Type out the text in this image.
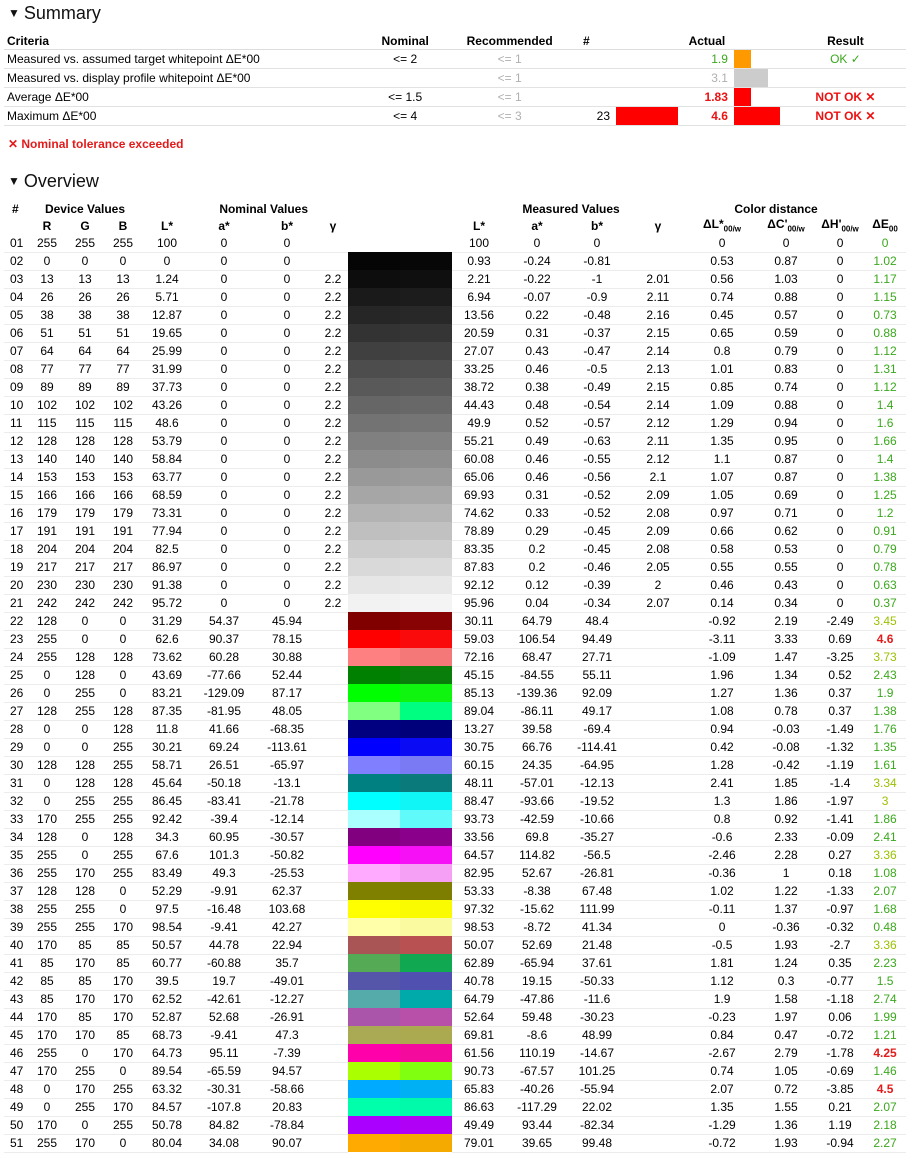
▼ Summary
Criteria	Nominal	Recommended	#		Actual		Result
Measured vs. assumed target whitepoint ΔE*00	<= 2	<= 1			1.9		OK ✓
Measured vs. display profile whitepoint ΔE*00		<= 1			3.1		
Average ΔE*00	<= 1.5	<= 1			1.83		NOT OK ✕
Maximum ΔE*00	<= 4	<= 3	23		4.6		NOT OK ✕
✕ Nominal tolerance exceeded
▼ Overview
#	Device Values			Nominal Values					Measured Values				Color distance				
	R	G	B	L*	a*	b*	γ		L*	a*	b*	γ	$\Delta L*_{00/w}$	$\Delta C'_{00/w}$	$\Delta H'_{00/w}$	$\Delta E_{00}$	
01	255	255	255	100	0	0			100	0	0		0	0	0	0	

02	0	0	0	0	0	0			0.93	-0.24	-0.81		0.53	0.87	0	1.02	

03	13	13	13	1.24	0	0	2.2		2.21	-0.22	-1	2.01	0.56	1.03	0	1.17	

04	26	26	26	5.71	0	0	2.2		6.94	-0.07	-0.9	2.11	0.74	0.88	0	1.15	

05	38	38	38	12.87	0	0	2.2		13.56	0.22	-0.48	2.16	0.45	0.57	0	0.73	

06	51	51	51	19.65	0	0	2.2		20.59	0.31	-0.37	2.15	0.65	0.59	0	0.88	

07	64	64	64	25.99	0	0	2.2		27.07	0.43	-0.47	2.14	0.8	0.79	0	1.12	

08	77	77	77	31.99	0	0	2.2		33.25	0.46	-0.5	2.13	1.01	0.83	0	1.31	

09	89	89	89	37.73	0	0	2.2		38.72	0.38	-0.49	2.15	0.85	0.74	0	1.12	

10	102	102	102	43.26	0	0	2.2		44.43	0.48	-0.54	2.14	1.09	0.88	0	1.4	

11	115	115	115	48.6	0	0	2.2		49.9	0.52	-0.57	2.12	1.29	0.94	0	1.6	

12	128	128	128	53.79	0	0	2.2		55.21	0.49	-0.63	2.11	1.35	0.95	0	1.66	

13	140	140	140	58.84	0	0	2.2		60.08	0.46	-0.55	2.12	1.1	0.87	0	1.4	

14	153	153	153	63.77	0	0	2.2		65.06	0.46	-0.56	2.1	1.07	0.87	0	1.38	

15	166	166	166	68.59	0	0	2.2		69.93	0.31	-0.52	2.09	1.05	0.69	0	1.25	

16	179	179	179	73.31	0	0	2.2		74.62	0.33	-0.52	2.08	0.97	0.71	0	1.2	

17	191	191	191	77.94	0	0	2.2		78.89	0.29	-0.45	2.09	0.66	0.62	0	0.91	

18	204	204	204	82.5	0	0	2.2		83.35	0.2	-0.45	2.08	0.58	0.53	0	0.79	

19	217	217	217	86.97	0	0	2.2		87.83	0.2	-0.46	2.05	0.55	0.55	0	0.78	

20	230	230	230	91.38	0	0	2.2		92.12	0.12	-0.39	2	0.46	0.43	0	0.63	

21	242	242	242	95.72	0	0	2.2		95.96	0.04	-0.34	2.07	0.14	0.34	0	0.37	

22	128	0	0	31.29	54.37	45.94			30.11	64.79	48.4		-0.92	2.19	-2.49	3.45	

23	255	0	0	62.6	90.37	78.15			59.03	106.54	94.49		-3.11	3.33	0.69	4.6	

24	255	128	128	73.62	60.28	30.88			72.16	68.47	27.71		-1.09	1.47	-3.25	3.73	

25	0	128	0	43.69	-77.66	52.44			45.15	-84.55	55.11		1.96	1.34	0.52	2.43	

26	0	255	0	83.21	-129.09	87.17			85.13	-139.36	92.09		1.27	1.36	0.37	1.9	

27	128	255	128	87.35	-81.95	48.05			89.04	-86.11	49.17		1.08	0.78	0.37	1.38	

28	0	0	128	11.8	41.66	-68.35			13.27	39.58	-69.4		0.94	-0.03	-1.49	1.76	

29	0	0	255	30.21	69.24	-113.61			30.75	66.76	-114.41		0.42	-0.08	-1.32	1.35	

30	128	128	255	58.71	26.51	-65.97			60.15	24.35	-64.95		1.28	-0.42	-1.19	1.61	

31	0	128	128	45.64	-50.18	-13.1			48.11	-57.01	-12.13		2.41	1.85	-1.4	3.34	

32	0	255	255	86.45	-83.41	-21.78			88.47	-93.66	-19.52		1.3	1.86	-1.97	3	

33	170	255	255	92.42	-39.4	-12.14			93.73	-42.59	-10.66		0.8	0.92	-1.41	1.86	

34	128	0	128	34.3	60.95	-30.57			33.56	69.8	-35.27		-0.6	2.33	-0.09	2.41	

35	255	0	255	67.6	101.3	-50.82			64.57	114.82	-56.5		-2.46	2.28	0.27	3.36	

36	255	170	255	83.49	49.3	-25.53			82.95	52.67	-26.81		-0.36	1	0.18	1.08	

37	128	128	0	52.29	-9.91	62.37			53.33	-8.38	67.48		1.02	1.22	-1.33	2.07	

38	255	255	0	97.5	-16.48	103.68			97.32	-15.62	111.99		-0.11	1.37	-0.97	1.68	

39	255	255	170	98.54	-9.41	42.27			98.53	-8.72	41.34		0	-0.36	-0.32	0.48	

40	170	85	85	50.57	44.78	22.94			50.07	52.69	21.48		-0.5	1.93	-2.7	3.36	

41	85	170	85	60.77	-60.88	35.7			62.89	-65.94	37.61		1.81	1.24	0.35	2.23	

42	85	85	170	39.5	19.7	-49.01			40.78	19.15	-50.33		1.12	0.3	-0.77	1.5	

43	85	170	170	62.52	-42.61	-12.27			64.79	-47.86	-11.6		1.9	1.58	-1.18	2.74	

44	170	85	170	52.87	52.68	-26.91			52.64	59.48	-30.23		-0.23	1.97	0.06	1.99	

45	170	170	85	68.73	-9.41	47.3			69.81	-8.6	48.99		0.84	0.47	-0.72	1.21	

46	255	0	170	64.73	95.11	-7.39			61.56	110.19	-14.67		-2.67	2.79	-1.78	4.25	

47	170	255	0	89.54	-65.59	94.57			90.73	-67.57	101.25		0.74	1.05	-0.69	1.46	

48	0	170	255	63.32	-30.31	-58.66			65.83	-40.26	-55.94		2.07	0.72	-3.85	4.5	

49	0	255	170	84.57	-107.8	20.83			86.63	-117.29	22.02		1.35	1.55	0.21	2.07	

50	170	0	255	50.78	84.82	-78.84			49.49	93.44	-82.34		-1.29	1.36	1.19	2.18	

51	255	170	0	80.04	34.08	90.07			79.01	39.65	99.48		-0.72	1.93	-0.94	2.27	
